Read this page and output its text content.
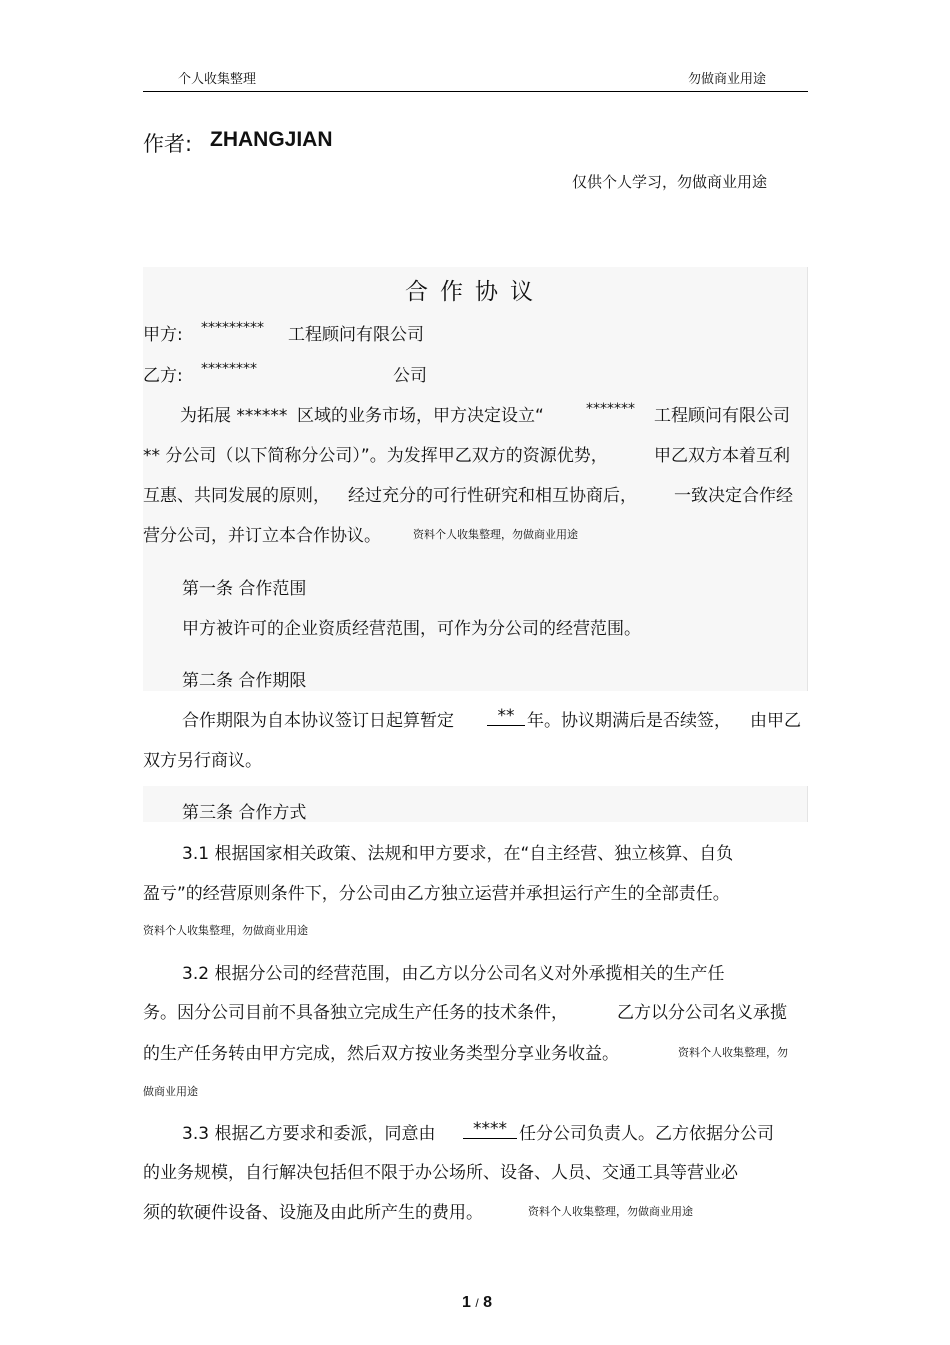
个人收集整理	勿做商业用途
作者: ZHANGJIAN
仅供个人学习，勿做商业用途
合作协议
甲方: ********* 工程顾问有限公司
乙方: ********	公司
为拓展 ****** 区域的业务市场，甲方决定设立“	******* 工程顾问有限公司
** 分公司（以下简称分公司）”。为发挥甲乙双方的资源优势，	甲乙双方本着互利
互惠、共同发展的原则， 经过充分的可行性研究和相互协商后， 一致决定合作经
营分公司，并订立本合作协议。	资料个人收集整理，勿做商业用途
第一条 合作范围
甲方被许可的企业资质经营范围，可作为分公司的经营范围。
第二条 合作期限
合作期限为自本协议签订日起算暂定	** 年。协议期满后是否续签， 由甲乙
双方另行商议。
第三条 合作方式
3.1 根据国家相关政策、法规和甲方要求，在“自主经营、独立核算、自负
盈亏”的经营原则条件下，分公司由乙方独立运营并承担运行产生的全部责任。
资料个人收集整理，勿做商业用途
3.2 根据分公司的经营范围，由乙方以分公司名义对外承揽相关的生产任
务。因分公司目前不具备独立完成生产任务的技术条件，	乙方以分公司名义承揽
的生产任务转由甲方完成，然后双方按业务类型分享业务收益。	资料个人收集整理，勿
做商业用途
3.3 根据乙方要求和委派，同意由	**** 任分公司负责人。乙方依据分公司
的业务规模，自行解决包括但不限于办公场所、设备、人员、交通工具等营业必
须的软硬件设备、设施及由此所产生的费用。	资料个人收集整理，勿做商业用途
1 / 8
